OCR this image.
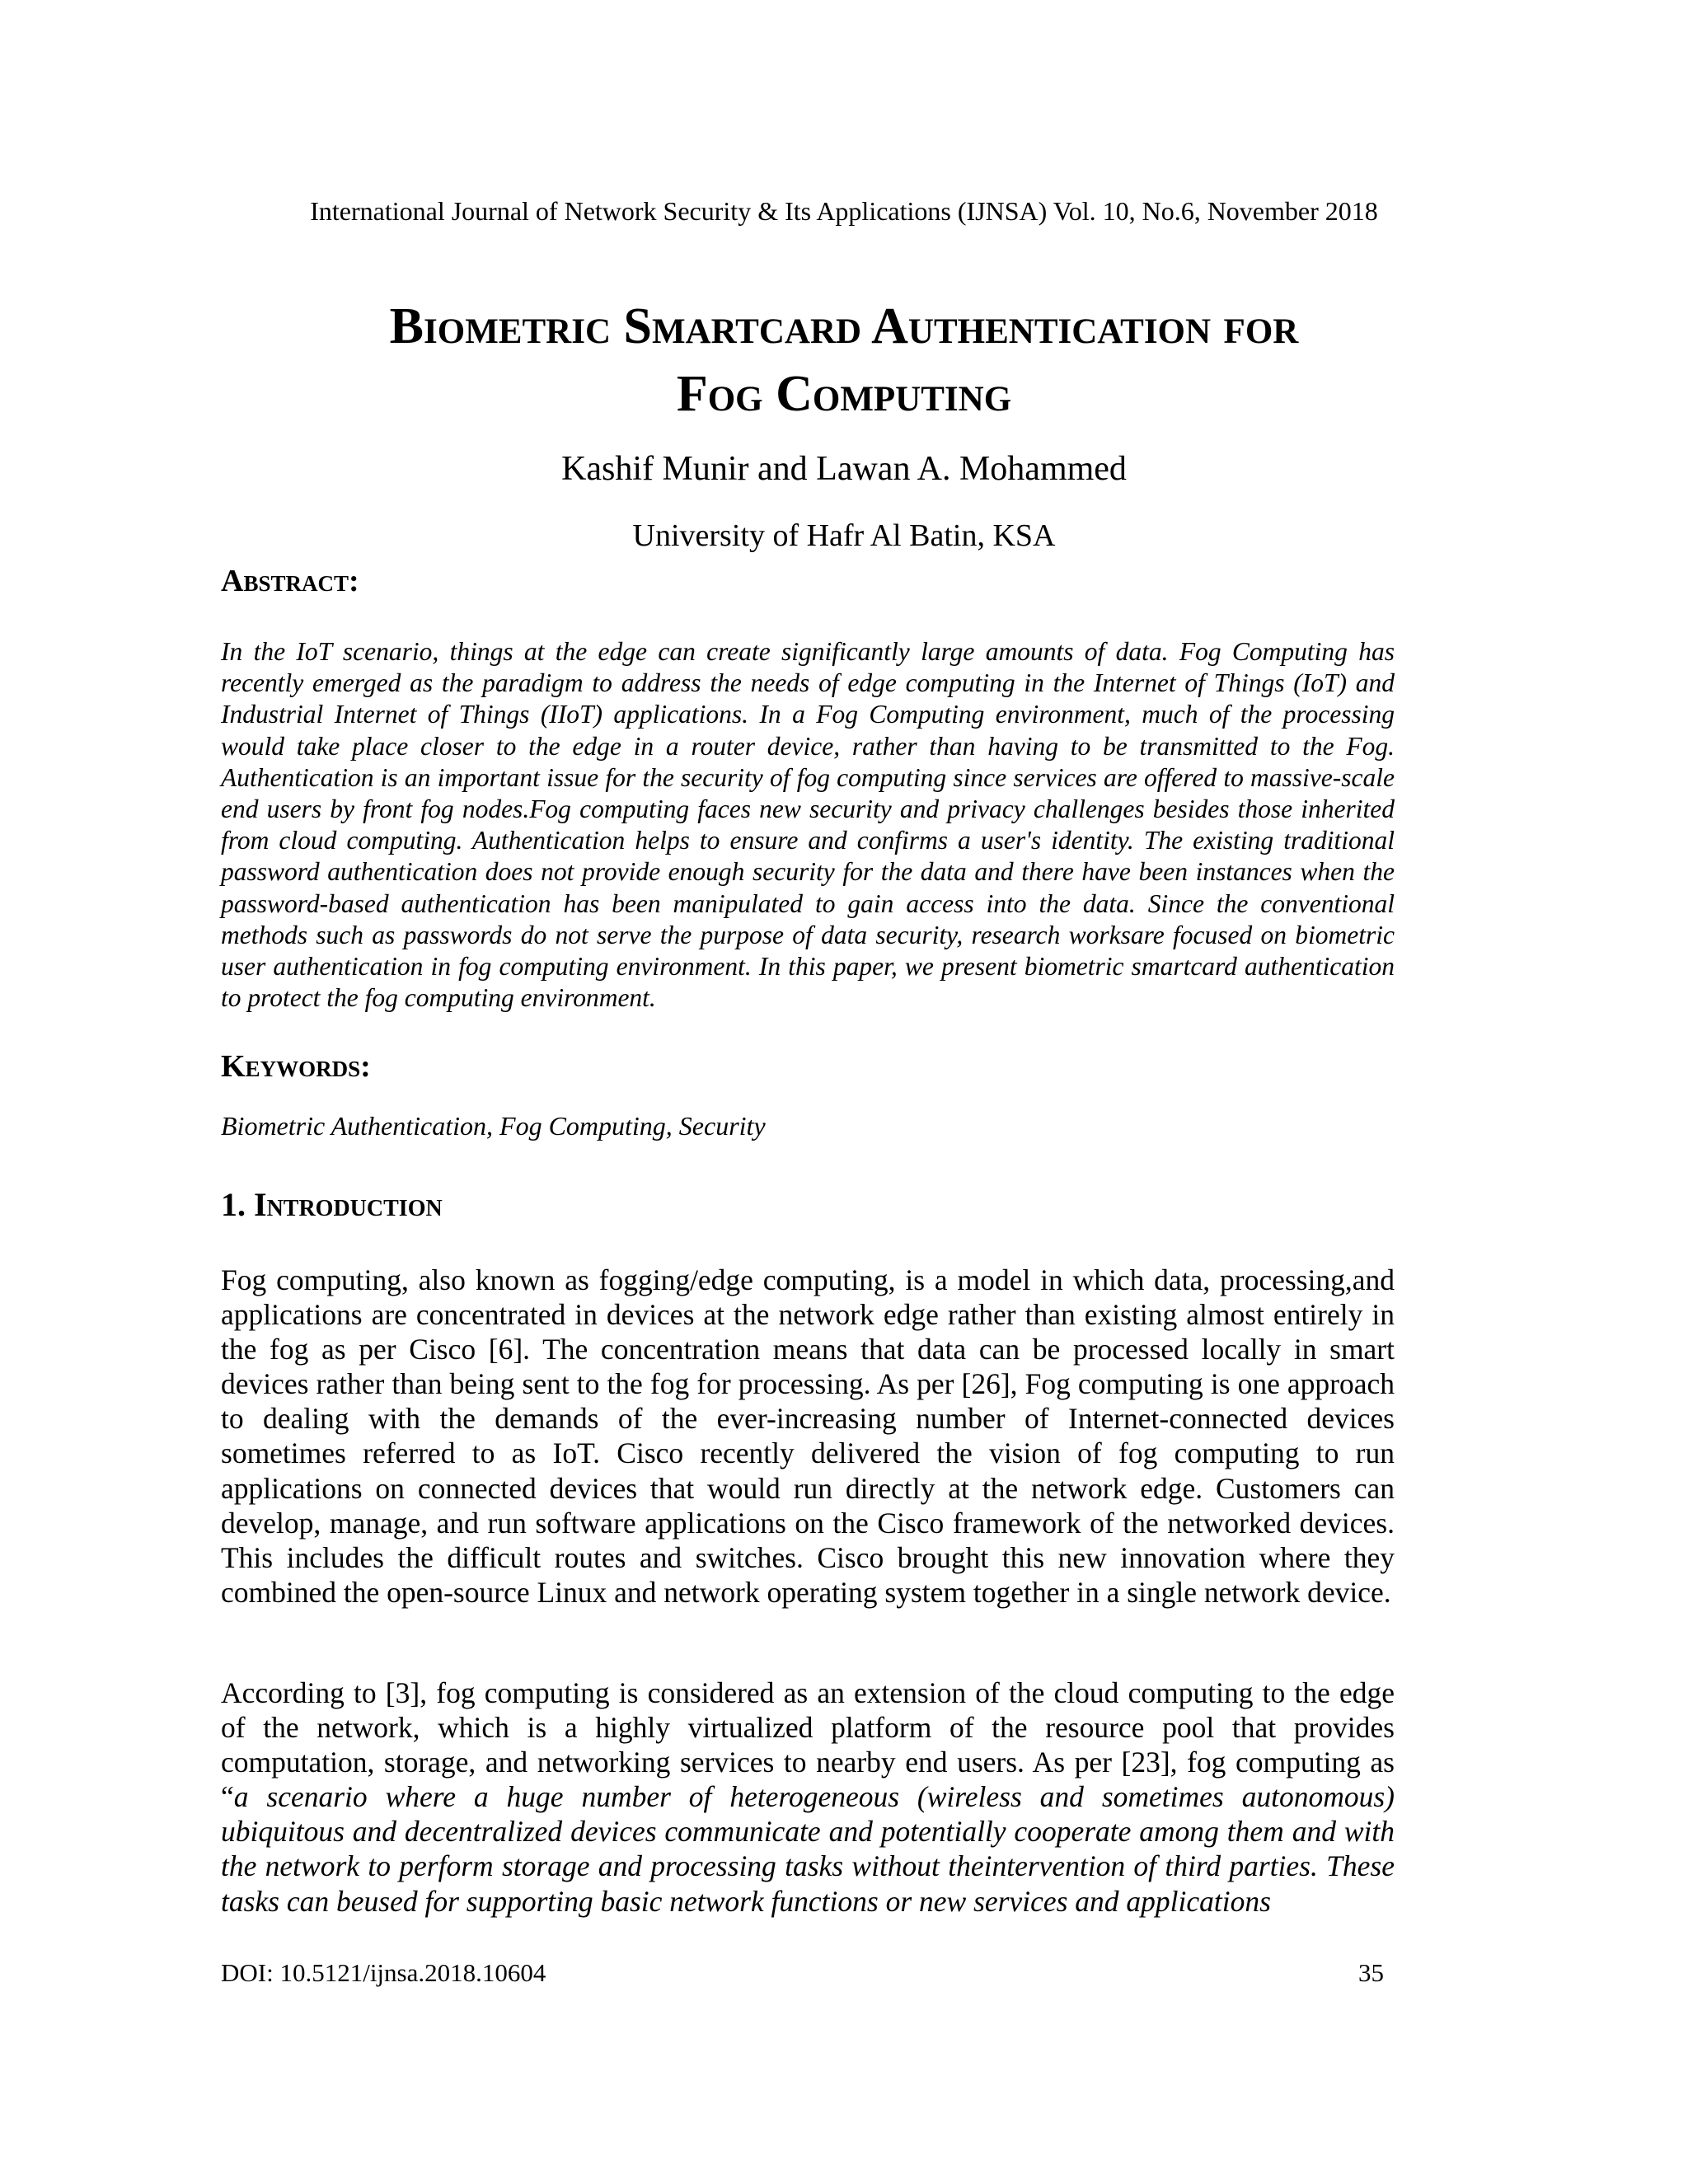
International Journal of Network Security & Its Applications (IJNSA) Vol. 10, No.6, November 2018
Biometric Smartcard Authentication for
Fog Computing
Kashif Munir and Lawan A. Mohammed
University of Hafr Al Batin, KSA
Abstract:
In the IoT scenario, things at the edge can create significantly large amounts of data. Fog Computing has recently emerged as the paradigm to address the needs of edge computing in the Internet of Things (IoT) and Industrial Internet of Things (IIoT) applications. In a Fog Computing environment, much of the processing would take place closer to the edge in a router device, rather than having to be transmitted to the Fog. Authentication is an important issue for the security of fog computing since services are offered to massive-scale end users by front fog nodes.Fog computing faces new security and privacy challenges besides those inherited from cloud computing. Authentication helps to ensure and confirms a user's identity. The existing traditional password authentication does not provide enough security for the data and there have been instances when the password-based authentication has been manipulated to gain access into the data. Since the conventional methods such as passwords do not serve the purpose of data security, research worksare focused on biometric user authentication in fog computing environment. In this paper, we present biometric smartcard authentication to protect the fog computing environment.
Keywords:
Biometric Authentication, Fog Computing, Security
1. Introduction
Fog computing, also known as fogging/edge computing, is a model in which data, processing,and applications are concentrated in devices at the network edge rather than existing almost entirely in the fog as per Cisco [6]. The concentration means that data can be processed locally in smart devices rather than being sent to the fog for processing. As per [26], Fog computing is one approach to dealing with the demands of the ever-increasing number of Internet-connected devices sometimes referred to as IoT. Cisco recently delivered the vision of fog computing to run applications on connected devices that would run directly at the network edge. Customers can develop, manage, and run software applications on the Cisco framework of the networked devices. This includes the difficult routes and switches. Cisco brought this new innovation where they combined the open-source Linux and network operating system together in a single network device.
According to [3], fog computing is considered as an extension of the cloud computing to the edge of the network, which is a highly virtualized platform of the resource pool that provides computation, storage, and networking services to nearby end users. As per [23], fog computing as “a scenario where a huge number of heterogeneous (wireless and sometimes autonomous) ubiquitous and decentralized devices communicate and potentially cooperate among them and with the network to perform storage and processing tasks without theintervention of third parties. These tasks can beused for supporting basic network functions or new services and applications
DOI: 10.5121/ijnsa.2018.10604	35
